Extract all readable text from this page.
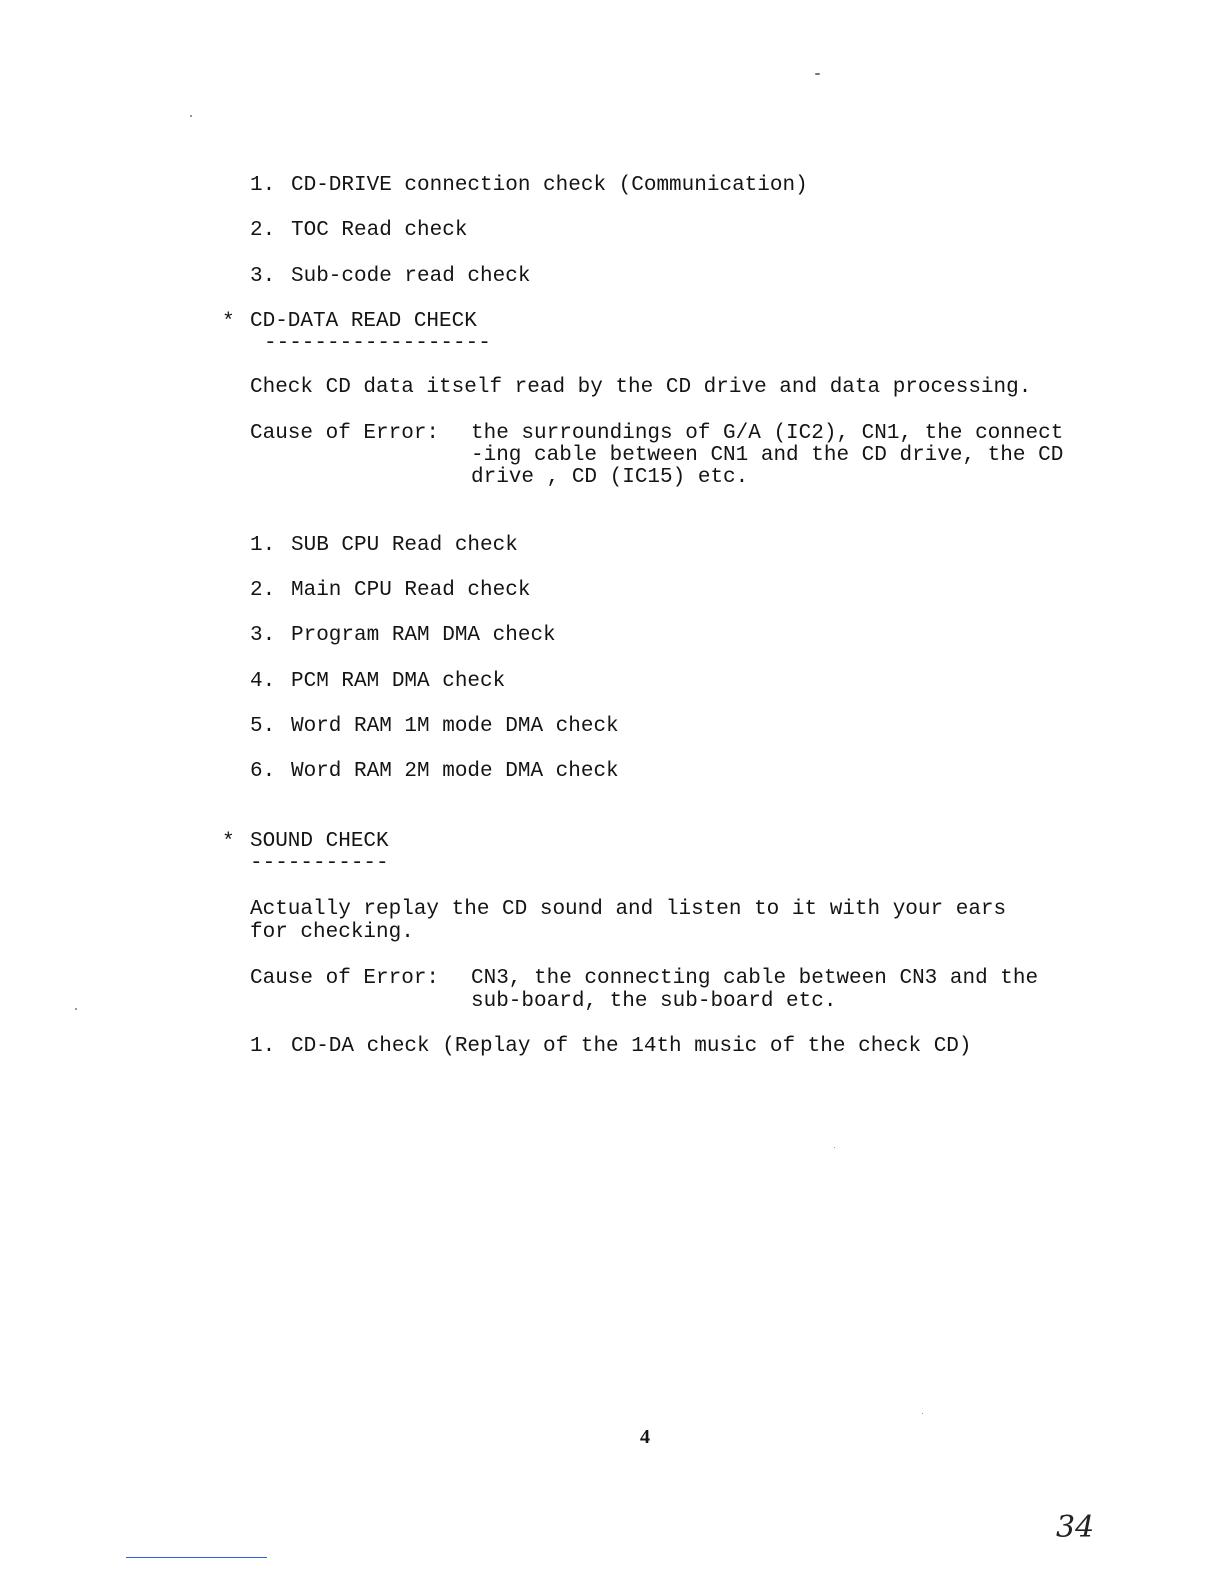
1. CD-DRIVE connection check (Communication)
2. TOC Read check
3. Sub-code read check
* CD-DATA READ CHECK
------------------
Check CD data itself read by the CD drive and data processing.
Cause of Error: the surroundings of G/A (IC2), CN1, the connect
-ing cable between CN1 and the CD drive, the CD
drive , CD (IC15) etc.
1. SUB CPU Read check
2. Main CPU Read check
3. Program RAM DMA check
4. PCM RAM DMA check
5. Word RAM 1M mode DMA check
6. Word RAM 2M mode DMA check
* SOUND CHECK
-----------
Actually replay the CD sound and listen to it with your ears
for checking.
Cause of Error: CN3, the connecting cable between CN3 and the
sub-board, the sub-board etc.
1. CD-DA check (Replay of the 14th music of the check CD)
4
34
